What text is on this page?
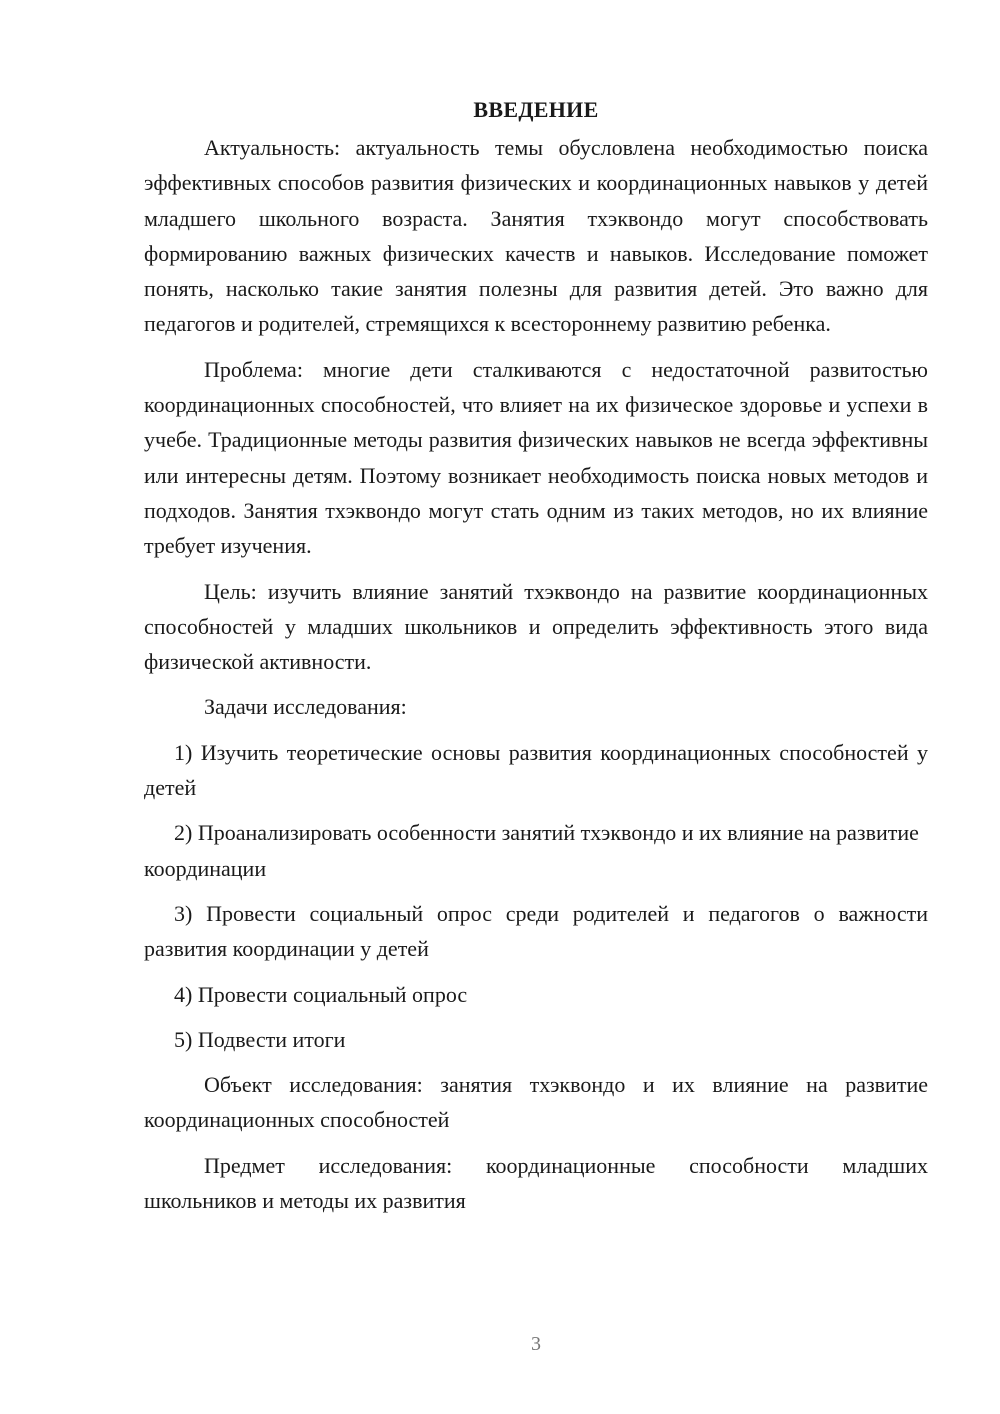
ВВЕДЕНИЕ

Актуальность: актуальность темы обусловлена необходимостью поиска эффективных способов развития физических и координационных навыков у детей младшего школьного возраста. Занятия тхэквондо могут способствовать формированию важных физических качеств и навыков. Исследование поможет понять, насколько такие занятия полезны для развития детей. Это важно для педагогов и родителей, стремящихся к всестороннему развитию ребенка.

Проблема: многие дети сталкиваются с недостаточной развитостью координационных способностей, что влияет на их физическое здоровье и успехи в учебе. Традиционные методы развития физических навыков не всегда эффективны или интересны детям. Поэтому возникает необходимость поиска новых методов и подходов. Занятия тхэквондо могут стать одним из таких методов, но их влияние требует изучения.

Цель: изучить влияние занятий тхэквондо на развитие координационных способностей у младших школьников и определить эффективность этого вида физической активности.

Задачи исследования:

1) Изучить теоретические основы развития координационных способностей у детей

2) Проанализировать особенности занятий тхэквондо и их влияние на развитие координации

3) Провести социальный опрос среди родителей и педагогов о важности развития координации у детей

4) Провести социальный опрос

5) Подвести итоги

Объект исследования: занятия тхэквондо и их влияние на развитие координационных способностей

Предмет исследования: координационные способности младших школьников и методы их развития

3
